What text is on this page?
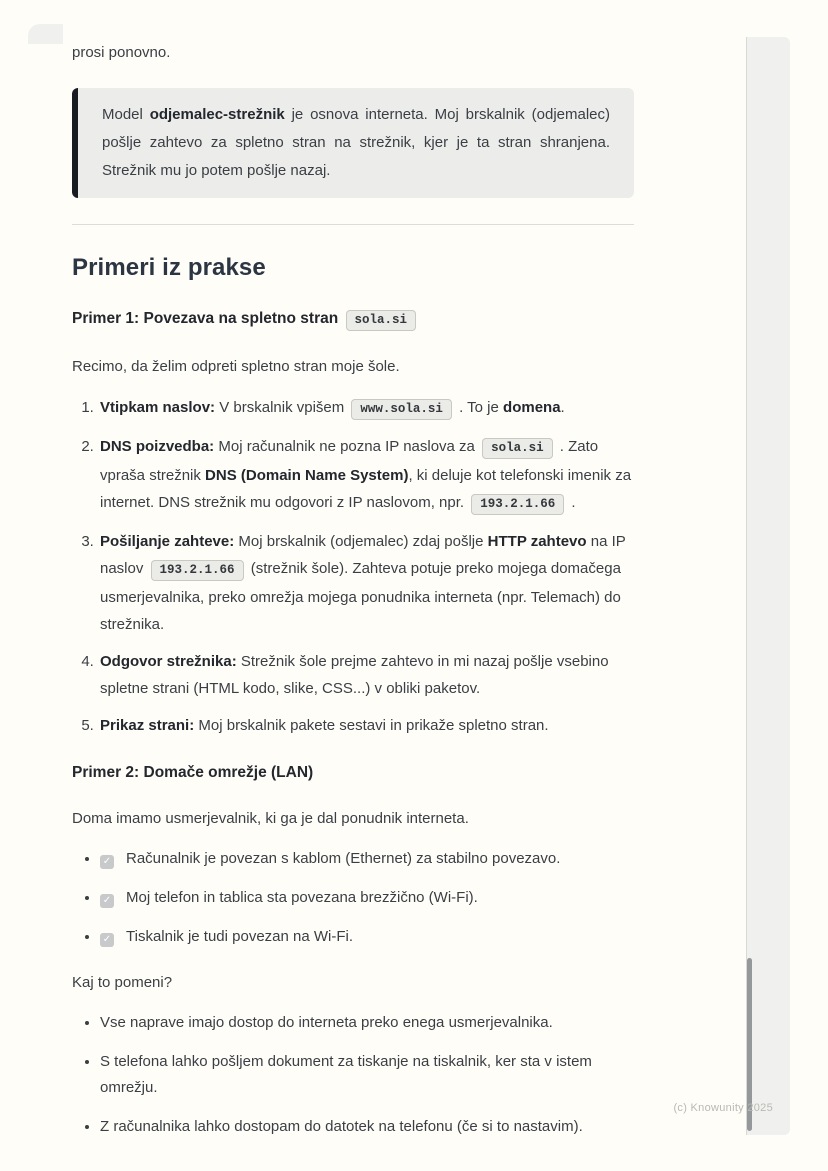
prosi ponovno.

Model odjemalec-strežnik je osnova interneta. Moj brskalnik (odjemalec) pošlje zahtevo za spletno stran na strežnik, kjer je ta stran shranjena. Strežnik mu jo potem pošlje nazaj.
Primeri iz prakse
Primer 1: Povezava na spletno stran sola.si

Recimo, da želim odpreti spletno stran moje šole.

1. Vtipkam naslov: V brskalnik vpišem www.sola.si . To je domena.
2. DNS poizvedba: Moj računalnik ne pozna IP naslova za sola.si . Zato vpraša strežnik DNS (Domain Name System), ki deluje kot telefonski imenik za internet. DNS strežnik mu odgovori z IP naslovom, npr. 193.2.1.66 .
3. Pošiljanje zahteve: Moj brskalnik (odjemalec) zdaj pošlje HTTP zahtevo na IP naslov 193.2.1.66 (strežnik šole). Zahteva potuje preko mojega domačega usmerjevalnika, preko omrežja mojega ponudnika interneta (npr. Telemach) do strežnika.
4. Odgovor strežnika: Strežnik šole prejme zahtevo in mi nazaj pošlje vsebino spletne strani (HTML kodo, slike, CSS...) v obliki paketov.
5. Prikaz strani: Moj brskalnik pakete sestavi in prikaže spletno stran.
Primer 2: Domače omrežje (LAN)

Doma imamo usmerjevalnik, ki ga je dal ponudnik interneta.

• ✓ Računalnik je povezan s kablom (Ethernet) za stabilno povezavo.
• ✓ Moj telefon in tablica sta povezana brezžično (Wi-Fi).
• ✓ Tiskalnik je tudi povezan na Wi-Fi.

Kaj to pomeni?

• Vse naprave imajo dostop do interneta preko enega usmerjevalnika.
• S telefona lahko pošljem dokument za tiskanje na tiskalnik, ker sta v istem omrežju.
• Z računalnika lahko dostopam do datotek na telefonu (če si to nastavim).
(c) Knowunity 2025
